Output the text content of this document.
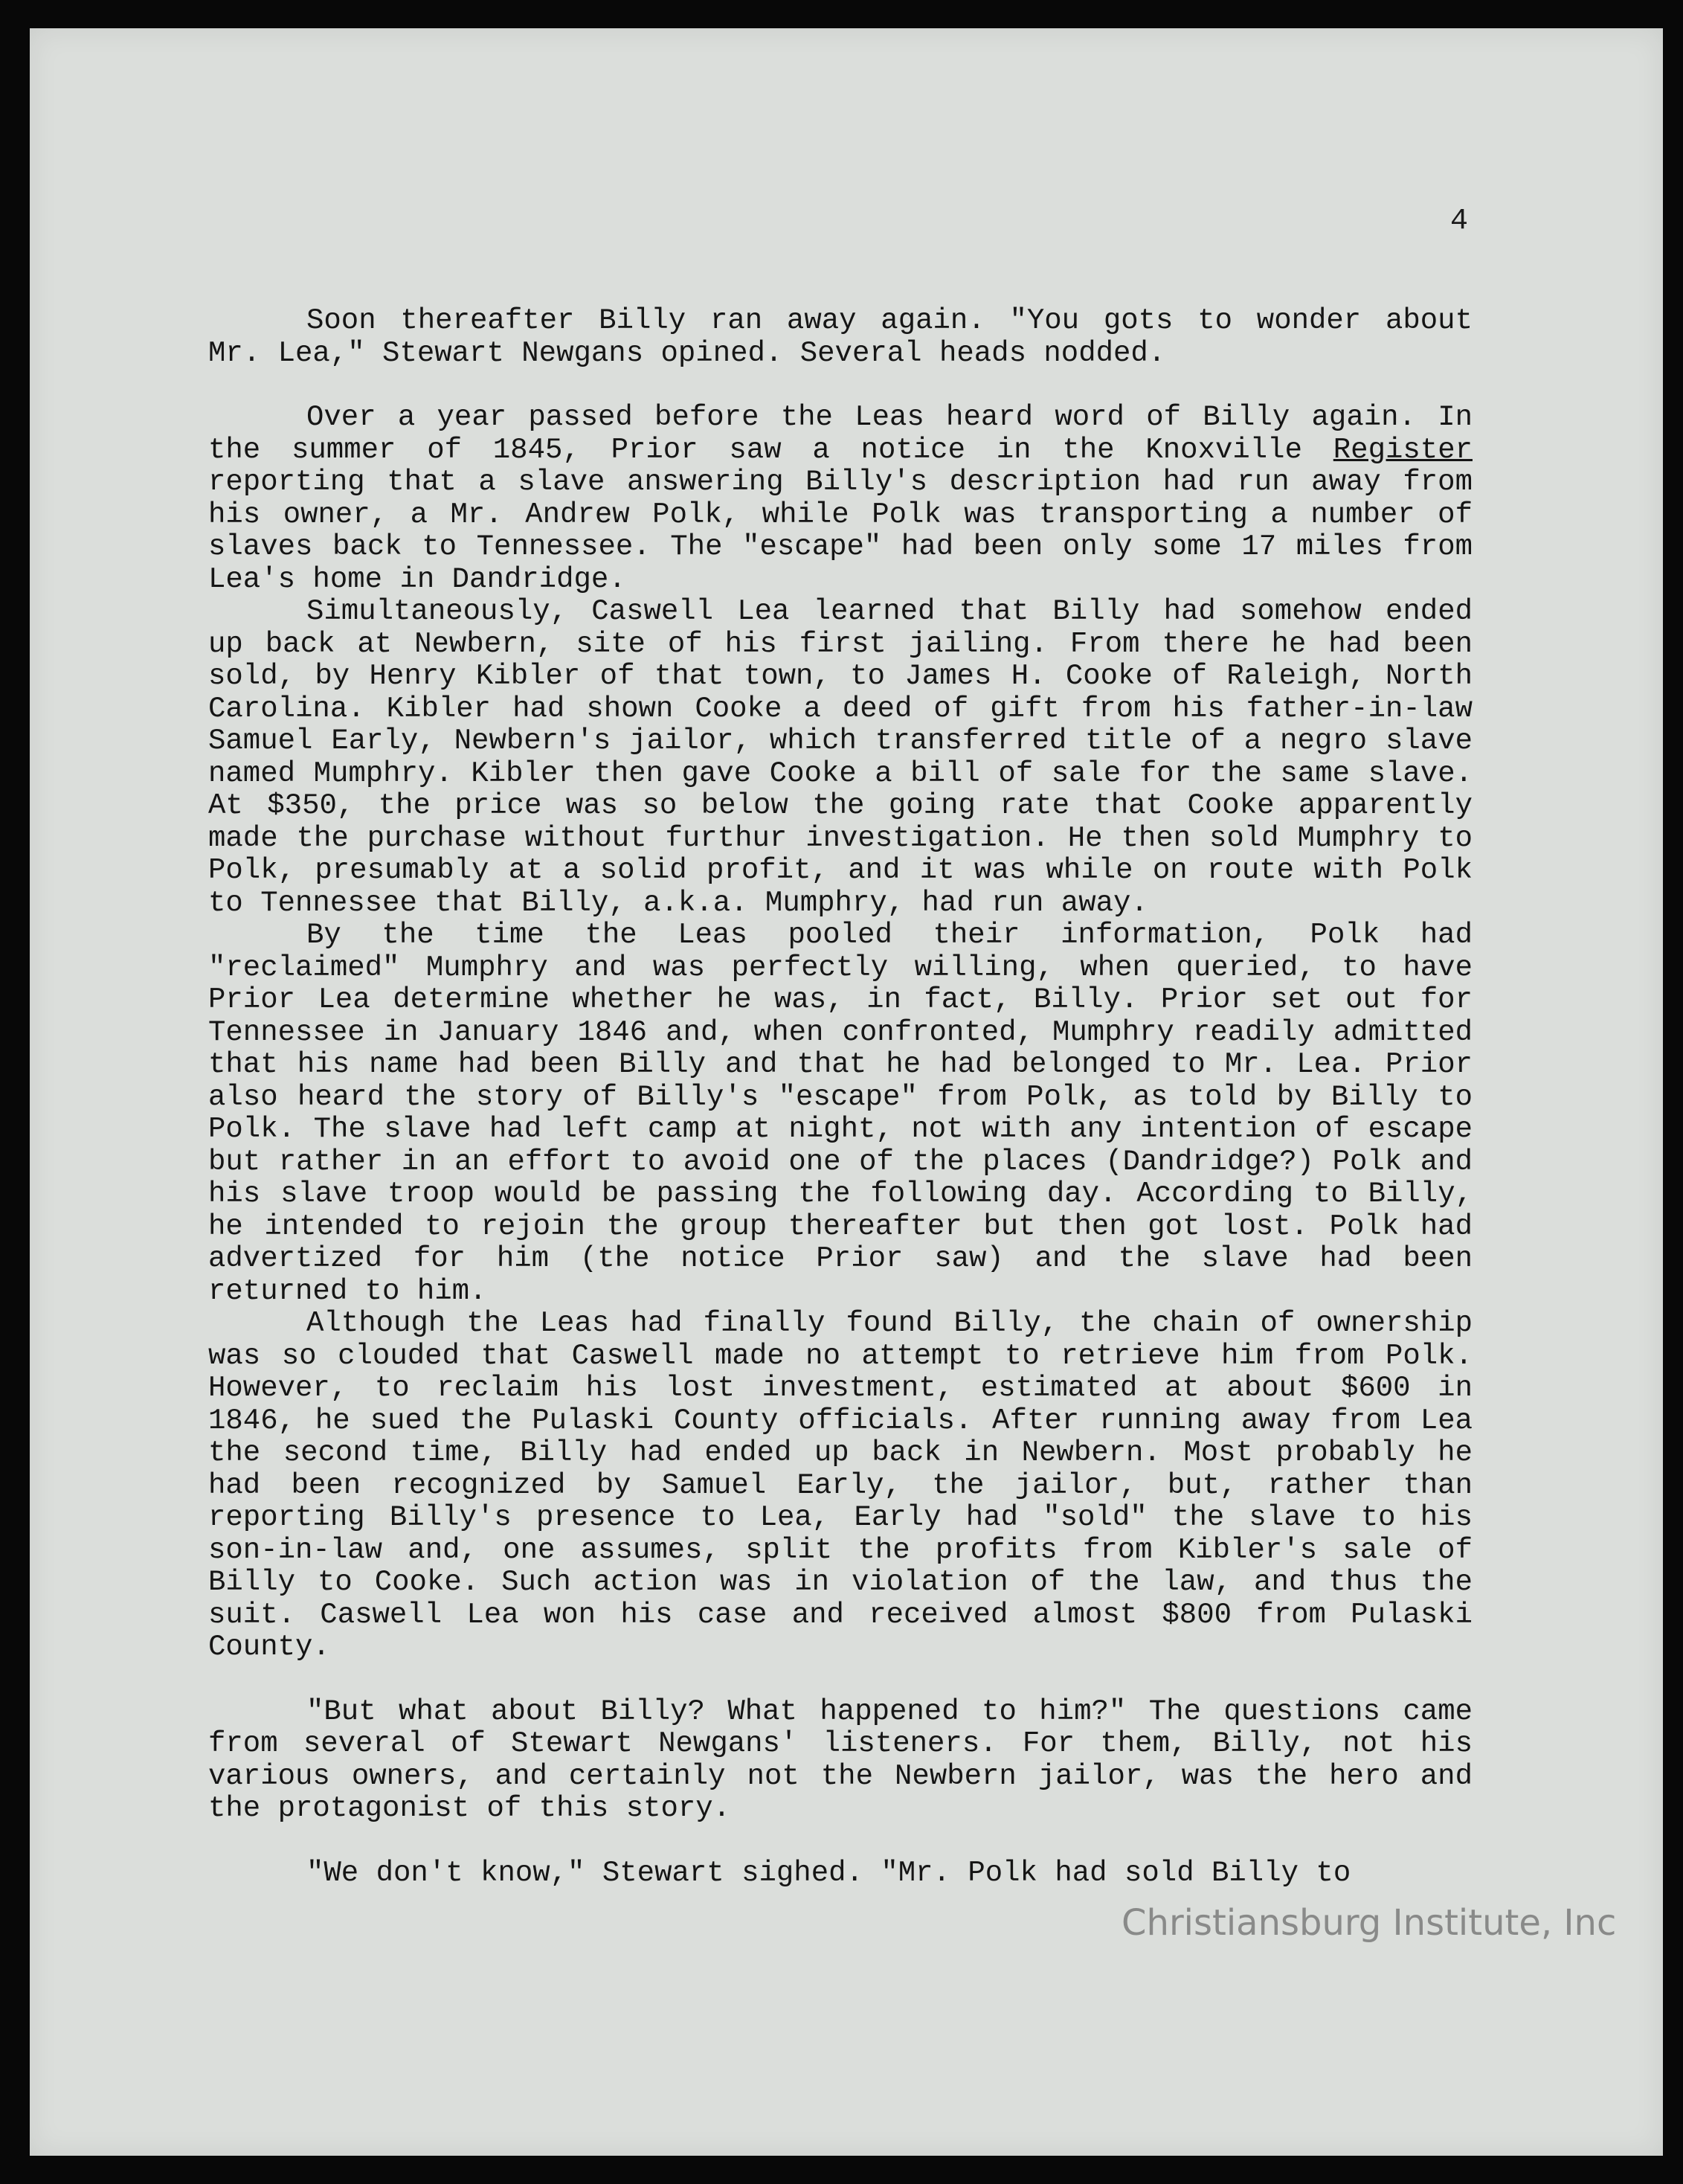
4

Soon thereafter Billy ran away again. "You gots to wonder about Mr. Lea," Stewart Newgans opined. Several heads nodded.

Over a year passed before the Leas heard word of Billy again. In the summer of 1845, Prior saw a notice in the Knoxville Register reporting that a slave answering Billy's description had run away from his owner, a Mr. Andrew Polk, while Polk was transporting a number of slaves back to Tennessee. The "escape" had been only some 17 miles from Lea's home in Dandridge.

Simultaneously, Caswell Lea learned that Billy had somehow ended up back at Newbern, site of his first jailing. From there he had been sold, by Henry Kibler of that town, to James H. Cooke of Raleigh, North Carolina. Kibler had shown Cooke a deed of gift from his father-in-law Samuel Early, Newbern's jailor, which transferred title of a negro slave named Mumphry. Kibler then gave Cooke a bill of sale for the same slave. At $350, the price was so below the going rate that Cooke apparently made the purchase without furthur investigation. He then sold Mumphry to Polk, presumably at a solid profit, and it was while on route with Polk to Tennessee that Billy, a.k.a. Mumphry, had run away.

By the time the Leas pooled their information, Polk had "reclaimed" Mumphry and was perfectly willing, when queried, to have Prior Lea determine whether he was, in fact, Billy. Prior set out for Tennessee in January 1846 and, when confronted, Mumphry readily admitted that his name had been Billy and that he had belonged to Mr. Lea. Prior also heard the story of Billy's "escape" from Polk, as told by Billy to Polk. The slave had left camp at night, not with any intention of escape but rather in an effort to avoid one of the places (Dandridge?) Polk and his slave troop would be passing the following day. According to Billy, he intended to rejoin the group thereafter but then got lost. Polk had advertized for him (the notice Prior saw) and the slave had been returned to him.

Although the Leas had finally found Billy, the chain of ownership was so clouded that Caswell made no attempt to retrieve him from Polk. However, to reclaim his lost investment, estimated at about $600 in 1846, he sued the Pulaski County officials. After running away from Lea the second time, Billy had ended up back in Newbern. Most probably he had been recognized by Samuel Early, the jailor, but, rather than reporting Billy's presence to Lea, Early had "sold" the slave to his son-in-law and, one assumes, split the profits from Kibler's sale of Billy to Cooke. Such action was in violation of the law, and thus the suit. Caswell Lea won his case and received almost $800 from Pulaski County.

"But what about Billy? What happened to him?" The questions came from several of Stewart Newgans' listeners. For them, Billy, not his various owners, and certainly not the Newbern jailor, was the hero and the protagonist of this story.

"We don't know," Stewart sighed. "Mr. Polk had sold Billy to

Christiansburg Institute, Inc
